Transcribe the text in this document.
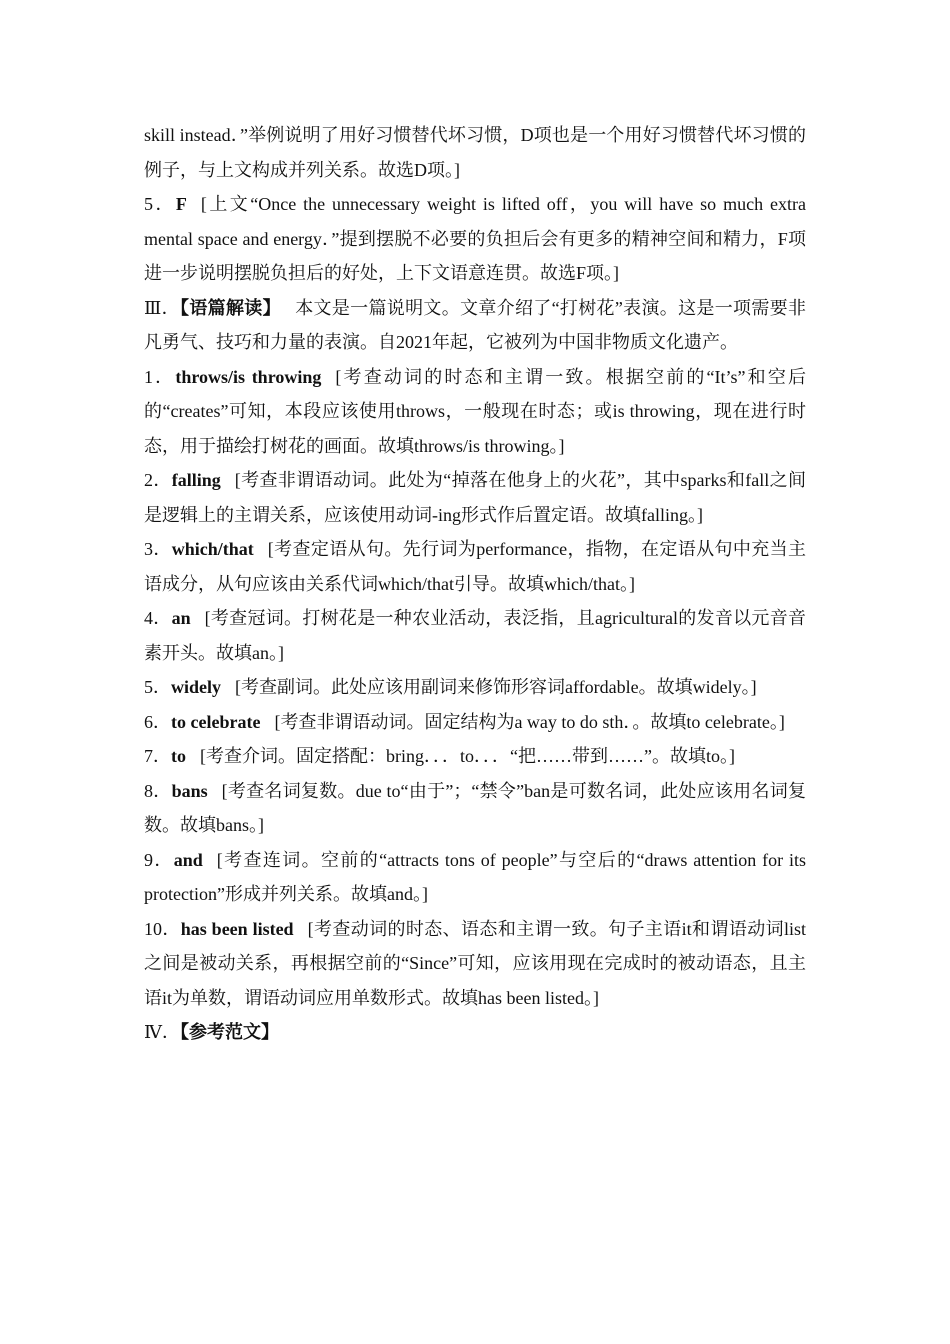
skill instead．”举例说明了用好习惯替代坏习惯，D项也是一个用好习惯替代坏习惯的例子，与上文构成并列关系。故选D项。]

5．F [上文“Once the unnecessary weight is lifted off，you will have so much extra mental space and energy．”提到摆脱不必要的负担后会有更多的精神空间和精力，F项进一步说明摆脱负担后的好处，上下文语意连贯。故选F项。]

Ⅲ．【语篇解读】 本文是一篇说明文。文章介绍了“打树花”表演。这是一项需要非凡勇气、技巧和力量的表演。自2021年起，它被列为中国非物质文化遗产。

1．throws/is throwing [考查动词的时态和主谓一致。根据空前的“It’s”和空后的“creates”可知，本段应该使用throws，一般现在时态；或is throwing，现在进行时态，用于描绘打树花的画面。故填throws/is throwing。]

2．falling [考查非谓语动词。此处为“掉落在他身上的火花”，其中sparks和fall之间是逻辑上的主谓关系，应该使用动词-ing形式作后置定语。故填falling。]

3．which/that [考查定语从句。先行词为performance，指物，在定语从句中充当主语成分，从句应该由关系代词which/that引导。故填which/that。]

4．an [考查冠词。打树花是一种农业活动，表泛指，且agricultural的发音以元音音素开头。故填an。]

5．widely [考查副词。此处应该用副词来修饰形容词affordable。故填widely。]

6．to celebrate [考查非谓语动词。固定结构为a way to do sth．。故填to celebrate。]

7．to [考查介词。固定搭配：bring．．．to．．．“把……带到……”。故填to。]

8．bans [考查名词复数。due to“由于”；“禁令”ban是可数名词，此处应该用名词复数。故填bans。]

9．and [考查连词。空前的“attracts tons of people”与空后的“draws attention for its protection”形成并列关系。故填and。]

10．has been listed [考查动词的时态、语态和主谓一致。句子主语it和谓语动词list之间是被动关系，再根据空前的“Since”可知，应该用现在完成时的被动语态，且主语it为单数，谓语动词应用单数形式。故填has been listed。]

Ⅳ．【参考范文】
